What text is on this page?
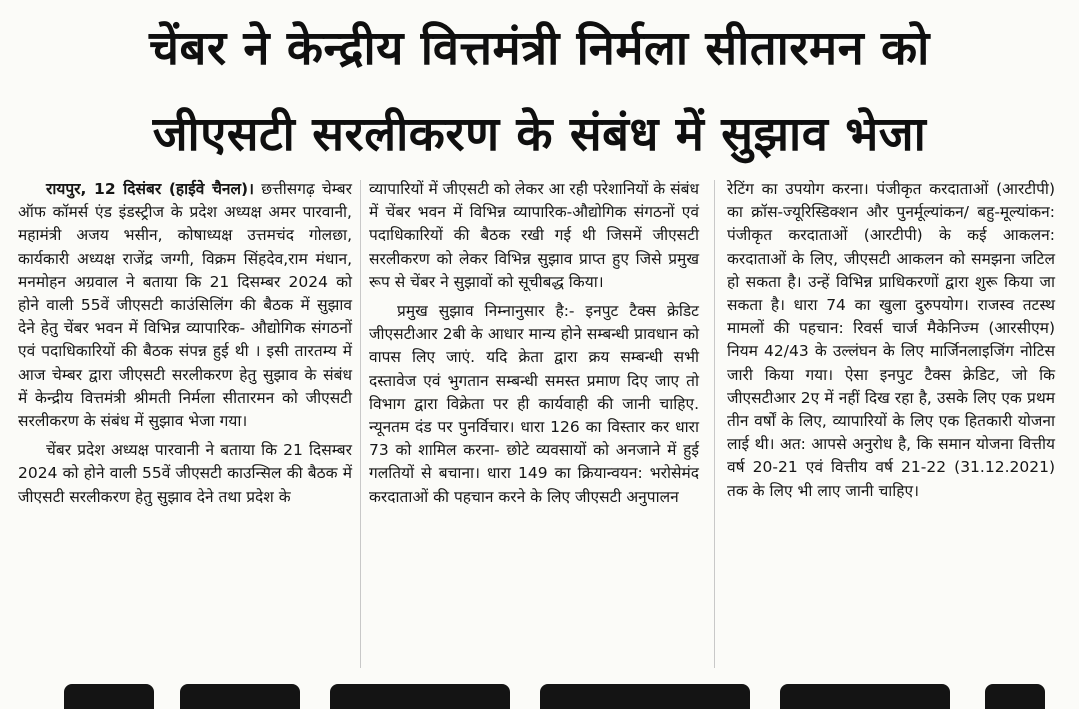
चेंबर ने केन्द्रीय वित्तमंत्री निर्मला सीतारमन को
जीएसटी सरलीकरण के संबंध में सुझाव भेजा

रायपुर, 12 दिसंबर (हाईवे चैनल)। छत्तीसगढ़ चेम्बर ऑफ कॉमर्स एंड इंडस्ट्रीज के प्रदेश अध्यक्ष अमर पारवानी, महामंत्री अजय भसीन, कोषाध्यक्ष उत्तमचंद गोलछा, कार्यकारी अध्यक्ष राजेंद्र जग्गी, विक्रम सिंहदेव,राम मंधान, मनमोहन अग्रवाल ने बताया कि 21 दिसम्बर 2024 को होने वाली 55वें जीएसटी काउंसिलिंग की बैठक में सुझाव देने हेतु चेंबर भवन में विभिन्न व्यापारिक- औद्योगिक संगठनों एवं पदाधिकारियों की बैठक संपन्न हुई थी । इसी तारतम्य में आज चेम्बर द्वारा जीएसटी सरलीकरण हेतु सुझाव के संबंध में केन्द्रीय वित्तमंत्री श्रीमती निर्मला सीतारमन को जीएसटी सरलीकरण के संबंध में सुझाव भेजा गया।

चेंबर प्रदेश अध्यक्ष पारवानी ने बताया कि 21 दिसम्बर 2024 को होने वाली 55वें जीएसटी काउन्सिल की बैठक में जीएसटी सरलीकरण हेतु सुझाव देने तथा प्रदेश के

व्यापारियों में जीएसटी को लेकर आ रही परेशानियों के संबंध में चेंबर भवन में विभिन्न व्यापारिक-औद्योगिक संगठनों एवं पदाधिकारियों की बैठक रखी गई थी जिसमें जीएसटी सरलीकरण को लेकर विभिन्न सुझाव प्राप्त हुए जिसे प्रमुख रूप से चेंबर ने सुझावों को सूचीबद्ध किया।

प्रमुख सुझाव निम्नानुसार है:- इनपुट टैक्स क्रेडिट जीएसटीआर 2बी के आधार मान्य होने सम्बन्धी प्रावधान को वापस लिए जाएं. यदि क्रेता द्वारा क्रय सम्बन्धी सभी दस्तावेज एवं भुगतान सम्बन्धी समस्त प्रमाण दिए जाए तो विभाग द्वारा विक्रेता पर ही कार्यवाही की जानी चाहिए. न्यूनतम दंड पर पुनर्विचार। धारा 126 का विस्तार कर धारा 73 को शामिल करना- छोटे व्यवसायों को अनजाने में हुई गलतियों से बचाना। धारा 149 का क्रियान्वयन: भरोसेमंद करदाताओं की पहचान करने के लिए जीएसटी अनुपालन

रेटिंग का उपयोग करना। पंजीकृत करदाताओं (आरटीपी) का क्रॉस-ज्यूरिस्डिक्शन और पुनर्मूल्यांकन/ बहु-मूल्यांकन: पंजीकृत करदाताओं (आरटीपी) के कई आकलन: करदाताओं के लिए, जीएसटी आकलन को समझना जटिल हो सकता है। उन्हें विभिन्न प्राधिकरणों द्वारा शुरू किया जा सकता है। धारा 74 का खुला दुरुपयोग। राजस्व तटस्थ मामलों की पहचान: रिवर्स चार्ज मैकेनिज्म (आरसीएम) नियम 42/43 के उल्लंघन के लिए मार्जिनलाइजिंग नोटिस जारी किया गया। ऐसा इनपुट टैक्स क्रेडिट, जो कि जीएसटीआर 2ए में नहीं दिख रहा है, उसके लिए एक प्रथम तीन वर्षों के लिए, व्यापारियों के लिए एक हितकारी योजना लाई थी। अत: आपसे अनुरोध है, कि समान योजना वित्तीय वर्ष 20-21 एवं वित्तीय वर्ष 21-22 (31.12.2021) तक के लिए भी लाए जानी चाहिए।
